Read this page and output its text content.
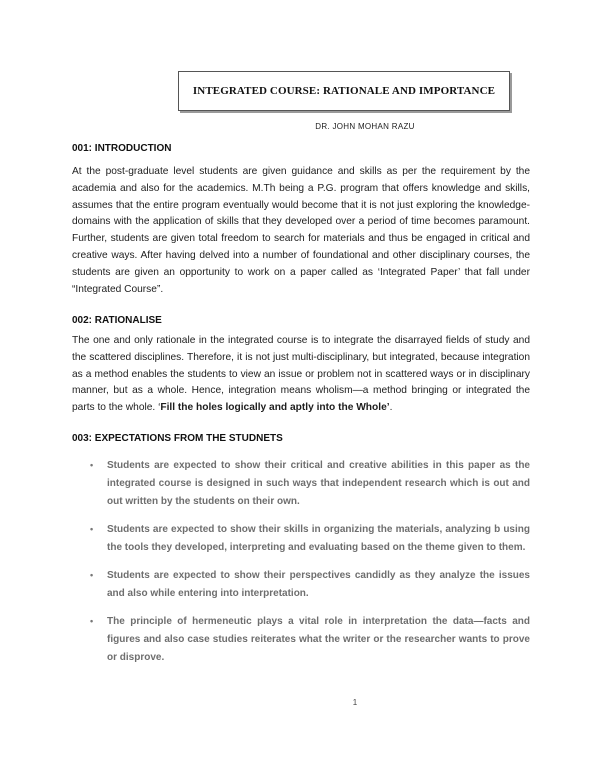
INTEGRATED COURSE: RATIONALE AND IMPORTANCE
DR. JOHN MOHAN RAZU
001: INTRODUCTION

At the post-graduate level students are given guidance and skills as per the requirement by the academia and also for the academics. M.Th being a P.G. program that offers knowledge and skills, assumes that the entire program eventually would become that it is not just exploring the knowledge-domains with the application of skills that they developed over a period of time becomes paramount. Further, students are given total freedom to search for materials and thus be engaged in critical and creative ways. After having delved into a number of foundational and other disciplinary courses, the students are given an opportunity to work on a paper called as ‘Integrated Paper’ that fall under “Integrated Course”.

002: RATIONALISE

The one and only rationale in the integrated course is to integrate the disarrayed fields of study and the scattered disciplines. Therefore, it is not just multi-disciplinary, but integrated, because integration as a method enables the students to view an issue or problem not in scattered ways or in disciplinary manner, but as a whole. Hence, integration means wholism—a method bringing or integrated the parts to the whole. ‘Fill the holes logically and aptly into the Whole’.

003: EXPECTATIONS FROM THE STUDNETS
•	Students are expected to show their critical and creative abilities in this paper as the integrated course is designed in such ways that independent research which is out and out written by the students on their own.
•	Students are expected to show their skills in organizing the materials, analyzing b using the tools they developed, interpreting and evaluating based on the theme given to them.
•	Students are expected to show their perspectives candidly as they analyze the issues and also while entering into interpretation.
•	The principle of hermeneutic plays a vital role in interpretation the data—facts and figures and also case studies reiterates what the writer or the researcher wants to prove or disprove.
1
